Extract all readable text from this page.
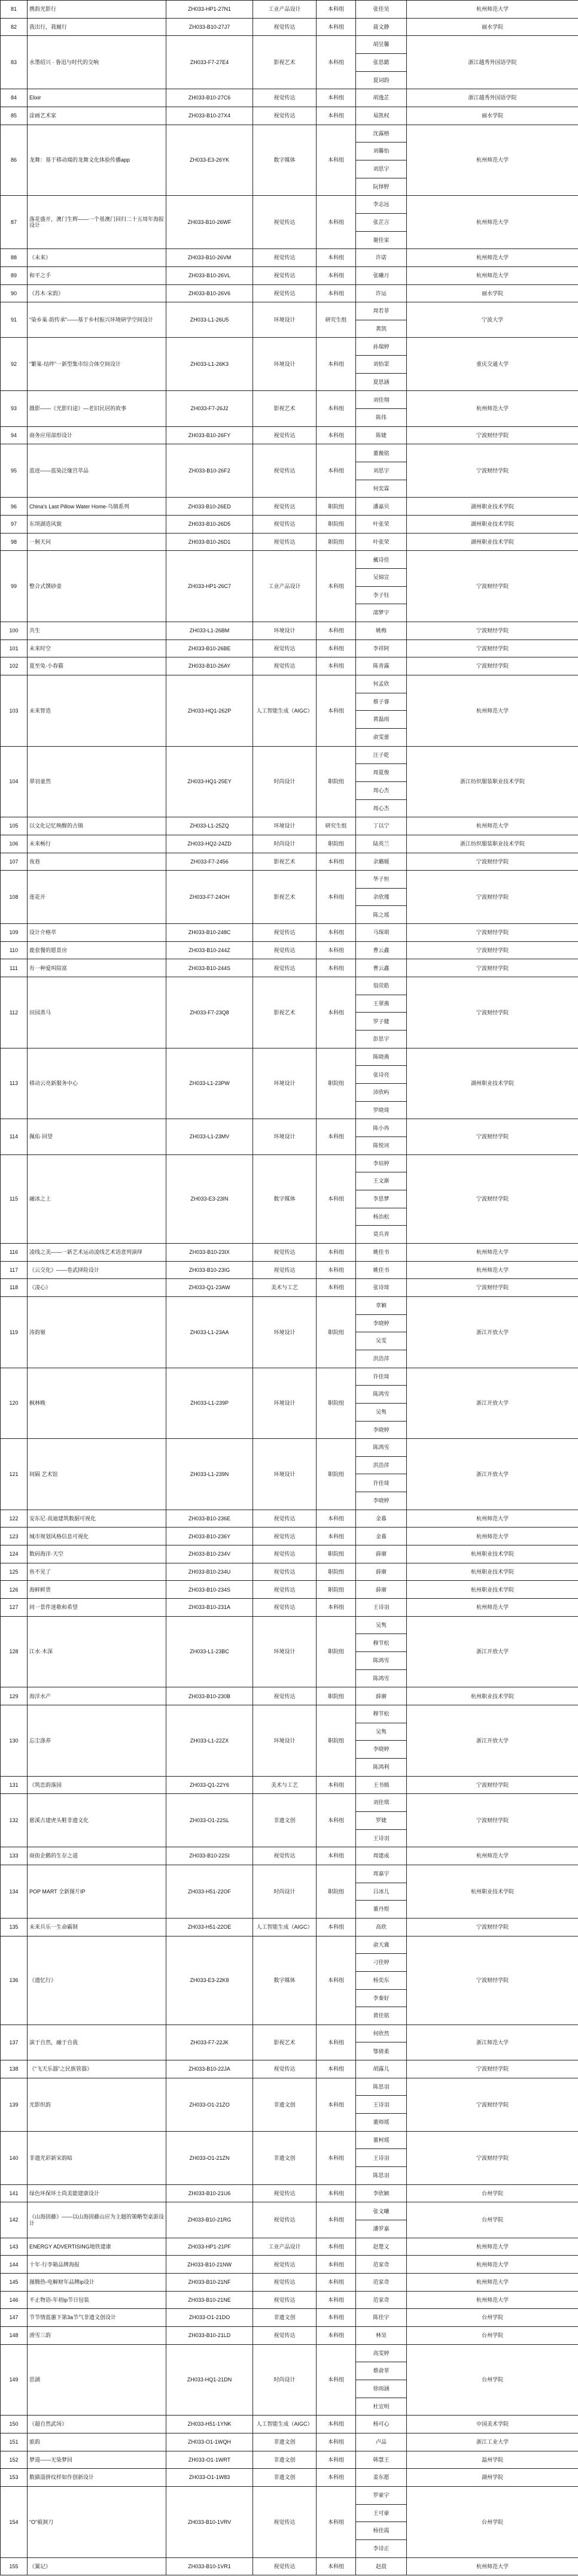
81	携韵光影行	ZH033-HP1-27N1	工业产品设计	本科组	张佳昊	杭州师范大学
82	我出行，我履行	ZH033-B10-27J7	视觉传达	本科组	聂文静	丽水学院
83	水墨绍兴 · 鲁迅与时代的交响	ZH033-F7-27E4	影视艺术	本科组	胡昱馨	浙江越秀外国语学院
					张思懿	
					夏词韵	
84	Elixir	ZH033-B10-27C6	视觉传达	本科组	胡逸芷	浙江越秀外国语学院
85	涂画艺术家	ZH033-B10-27X4	视觉传达	本科组	易凯权	丽水学院
86	龙舞：基于移动端的龙舞文化体验传播app	ZH033-E3-26YK	数字媒体	本科组	沈露榕	杭州师范大学
					刘馨怡	
					刘思宇	
					阮怿野	
87	落花盛开，澳门生辉——一个基澳门回归二十五周年海报设计	ZH033-B10-26WF	视觉传达	本科组	李志远	杭州师范大学
					张芷言	
					谢佳家	
88	《未来》	ZH033-B10-26VM	视觉传达	本科组	许诺	杭州师范大学
89	和平之手	ZH033-B10-26VL	视觉传达	本科组	张曦月	杭州师范大学
90	《苏木·宋韵》	ZH033-B10-26V6	视觉传达	本科组	许运	丽水学院
91	“染乡巢·韵传承”——基于乡村振兴环境研学空间设计	ZH033-L1-26U5	环境设计	研究生组	周若菲	宁波大学
					黄凯	
92	“繁巢·结绊”一新型集市综合体空间设计	ZH033-L1-26K3	环境设计	本科组	孙瑞婷	重庆交通大学
					刘怡霏	
					夏思涵	
93	摄影——《光影归途》—老旧民居的故事	ZH033-F7-26J2	影视艺术	本科组	刘佳翔	杭州师范大学
					陈伟	
94	商务应用部形设计	ZH033-B10-26FY	视觉传达	本科组	陈婕	宁波财经学院
95	蓝迹——蓝染泛缘宫萃品	ZH033-B10-26F2	视觉传达	本科组	董薇铭	宁波财经学院
					刘思宇	
					何奕霖	
96	China's Last Pillow Water Home-乌镇系列	ZH033-B10-26ED	视觉传达	职院组	潘嘉贝	湖州职业技术学院
97	东坝湖造风貌	ZH033-B10-26D5	视觉传达	职院组	叶张荣	湖州职业技术学院
98	一舸天问	ZH033-B10-26D1	视觉传达	职院组	叶张荣	湖州职业技术学院
99	整合式馔砂壶	ZH033-HP1-26C7	工业产品设计	本科组	戴诗佳	宁波财经学院
					吴锦宣	
					李子钰	
					邵梦宇	
100	共生	ZH033-L1-26BM	环境设计	本科组	姚梅	宁波财经学院
101	未来时空	ZH033-B10-26BE	视觉传达	本科组	李祥阿	宁波财经学院
102	夏至兔·小春猫	ZH033-B10-26AY	视觉传达	本科组	陈青露	宁波财经学院
103	未来智造	ZH033-HQ1-262P	人工智能生成（AIGC）	本科组	何孟欣	杭州师范大学
					蔡子睿	
					黄磊雨	
					俞雯蕾	
104	翠羽童然	ZH033-HQ1-25EY	时尚设计	职院组	汪子乾	浙江纺织服装职业技术学院
					周夏俊	
					周心杰	
					周心杰	
105	以文化记忆唤醒的古镇	ZH033-L1-25ZQ	环境设计	研究生组	丁以宁	杭州师范大学
106	未来畅行	ZH033-HQ2-24ZD	时尚设计	职院组	陆英兰	浙江纺织服装职业技术学院
107	夜巷	ZH033-F7-2456	影视艺术	本科组	余璐媛	宁波财经学院
108	莲花开	ZH033-F7-24OH	影视艺术	本科组	华子恒	宁波财经学院
					余欣瑾	
					陈之瑶	
109	设计介格萃	ZH033-B10-248C	视觉传达	本科组	马琛珺	宁波财经学院
110	鹿套餐的愿景房	ZH033-B10-244Z	视觉传达	本科组	曹云鑫	宁波财经学院
111	有一种爱叫陪富	ZH033-B10-244S	视觉传达	本科组	曹云鑫	宁波财经学院
112	田园蒸马	ZH033-F7-23Q8	影视艺术	本科组	翁荧皓	宁波财经学院
					王翠燕	
					罗子健	
					彭思宇	
113	移动云亮新服务中心	ZH033-L1-23PW	环境设计	职院组	陈晓燕	湖州职业技术学院
					张诗亮	
					沛欣屿	
					罗晓琦	
114	佩佑·回望	ZH033-L1-23MV	环境设计	本科组	陈小冉	宁波财经学院
					陈悦诃	
115	融冰之上	ZH033-E3-23IN	数字媒体	本科组	李培婷	宁波财经学院
					王文渐	
					李思梦	
					杨治松	
					莫兵青	
116	凌线之美——一新艺术运动凌线艺术语意列演绎	ZH033-B10-23IX	视觉传达	本科组	姚佳书	杭州师范大学
117	《云交化》——卷武择险设计	ZH033-B10-23IG	视觉传达	本科组	姚佳书	杭州师范大学
118	《凌心》	ZH033-Q1-23AW	美术与工艺	本科组	张诗琦	宁波财经学院
119	涛韵嶺	ZH033-L1-23AA	环境设计	职院组	章颖	浙江开放大学
					李晓婷	
					吴雯	
					洪浩萍	
120	枫林晚	ZH033-L1-239P	环境设计	职院组	许佳琦	浙江开放大学
					陈鸿雪	
					吴隽	
					李晓婷	
121	间隔 艺术馆	ZH033-L1-239N	环境设计	职院组	陈鸿雪	浙江开放大学
					洪浩萍	
					许佳琦	
					李晓婷	
122	安东尼·高迪建筑数据可视化	ZH033-B10-236E	视觉传达	本科组	金暮	杭州师范大学
123	城市规划风格信息可视化	ZH033-B10-236Y	视觉传达	本科组	金暮	杭州师范大学
124	数码海洋·天空	ZH033-B10-234V	视觉传达	职院组	薛赓	杭州职业技术学院
125	鱼不见了	ZH033-B10-234U	视觉传达	职院组	薛赓	杭州职业技术学院
126	海鲜鲜货	ZH033-B10-234S	视觉传达	职院组	薛赓	杭州职业技术学院
127	同一景件迷歌和希望	ZH033-B10-231A	视觉传达	本科组	王诗羽	杭州师范大学
128	江水·木深	ZH033-L1-23BC	环境设计	职院组	吴隽	浙江开放大学
					穆节松	
					陈鸿雪	
					陈鸿雪	
129	海洋水产	ZH033-B10-230B	视觉传达	职院组	薛赓	杭州职业技术学院
130	忘尘涤养	ZH033-L1-22ZX	环境设计	职院组	穆节松	浙江开放大学
					吴隽	
					李晓婷	
					陈鸿利	
131	《筑恋韵落园	ZH033-Q1-22Y6	美术与工艺	本科组	王书嫣	宁波财经学院
132	慈溪古建虎头鞋非遗文化	ZH033-O1-22SL	非遗文创	本科组	刘佳琪	宁波财经学院
					罗婕	
					王诗羽	
133	商街企鹅的生存之道	ZH033-B10-22SI	视觉传达	本科组	周建成	杭州师范大学
134	POP MART 全新图片IP	ZH033-H51-22OF	时尚设计	职院组	周嘉宇	杭州职业技术学院
					吕冰儿	
					董丹煜	
135	未来兵乐一生命霸制	ZH033-H51-22OE	人工智能生成（AIGC）	本科组	高欣	宁波财经学院
136	《遗忆行》	ZH033-E3-22K8	数字媒体	本科组	俞天冀	宁波财经学院
					刁佳婷	
					杨奕东	
					李秦好	
					黄佳铭	
137	演于自然，融于自我	ZH033-F7-22JK	影视艺术	本科组	何欣然	浙江师范大学
					鄂倩柔	
138	《“飞天乐器”之民族管器》	ZH033-B10-22JA	视觉传达	本科组	胡露儿	宁波财经学院
139	光影织韵	ZH033-O1-21ZO	非遗文创	本科组	陈思羽	宁波财经学院
					王诗羽	
					董师瑶	
140	非遗光彩新宋韵暗	ZH033-O1-21ZN	非遗文创	本科组	董柯瑶	宁波财经学院
					王诗羽	
					陈思羽	
141	绿色环保环士尚美能建康设计	ZH033-B10-21U6	视觉传达	本科组	李欣颖	台州学院
142	《山海固藤》——以山海固藤山应为主题的策略型桌游设计	ZH033-B10-21RG	视觉传达	本科组	张文曦	台州学院
					潘罗嘉	
143	ENERGY ADVERTISING地铁建康	ZH033-HP1-21PF	工业产品设计	本科组	赵楚义	杭州师范大学
144	十年·行李箱品牌海报	ZH033-B10-21NW	视觉传达	本科组	范家奇	杭州师范大学
145	图腾热-电解财年品牌ip设计	ZH033-B10-21NF	视觉传达	本科组	范家奇	杭州师范大学
146	不止物语-年初ip节日包装	ZH033-B10-21NE	视觉传达	本科组	范家奇	杭州师范大学
147	节节情蓝蕙下第3a节气非遗文创设计	ZH033-O1-21DO	非遗文创	本科组	陈佳宇	台州学院
148	滑雪三韵	ZH033-B10-21LD	视觉传达	本科组	林昊	台州学院
149	思湖	ZH033-HQ1-21DN	时尚设计	本科组	高雯婷	台州学院
					蔡俞菲	
					徐雨涵	
					杜宜明	
150	《超自然武场》	ZH033-H51-1YNK	人工智能生成（AIGC）	本科组	杨可心	中国美术学院
151	旅韵	ZH033-O1-1WQH	非遗文创	本科组	卢品	浙江工业大学
152	梦道——无染梦回	ZH033-O1-1WRT	非遗文创	本科组	韩慧王	温州学院
153	数描淄拼纹样如作创新设计	ZH033-O1-1W83	非遗文创	本科组	姜东愿	湖州学院
154	“O”毅洞刀	ZH033-B10-1VRV	视觉传达	本科组	罗豪宇	台州学院
					王可豪	
					杨佳霞	
					李诗正	
155	《翼记》	ZH033-B10-1VR1	视觉传达	本科组	赵晨	杭州师范大学
